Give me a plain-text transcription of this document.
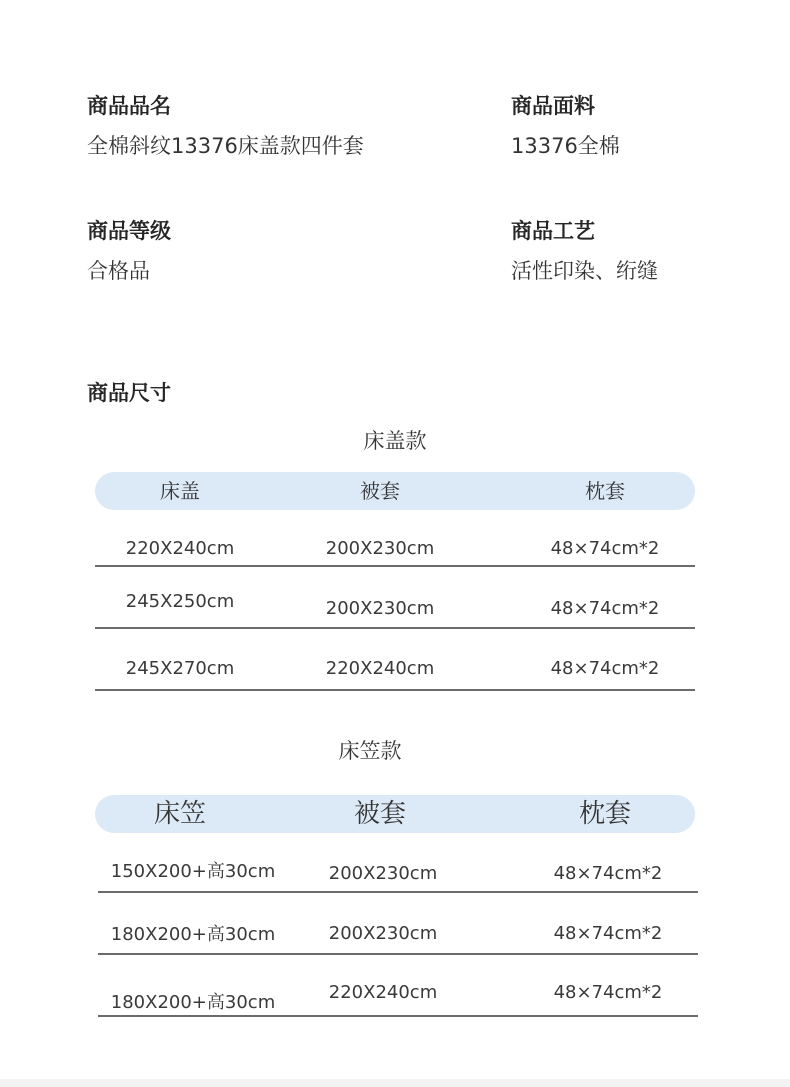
商品品名
全棉斜纹13376床盖款四件套
商品面料
13376全棉
商品等级
合格品
商品工艺
活性印染、绗缝
商品尺寸
床盖款
床盖	被套	枕套
220X240cm	200X230cm	48×74cm*2
245X250cm	200X230cm	48×74cm*2
245X270cm	220X240cm	48×74cm*2
床笠款
床笠	被套	枕套
150X200+高30cm	200X230cm	48×74cm*2
180X200+高30cm	200X230cm	48×74cm*2
180X200+高30cm	220X240cm	48×74cm*2
